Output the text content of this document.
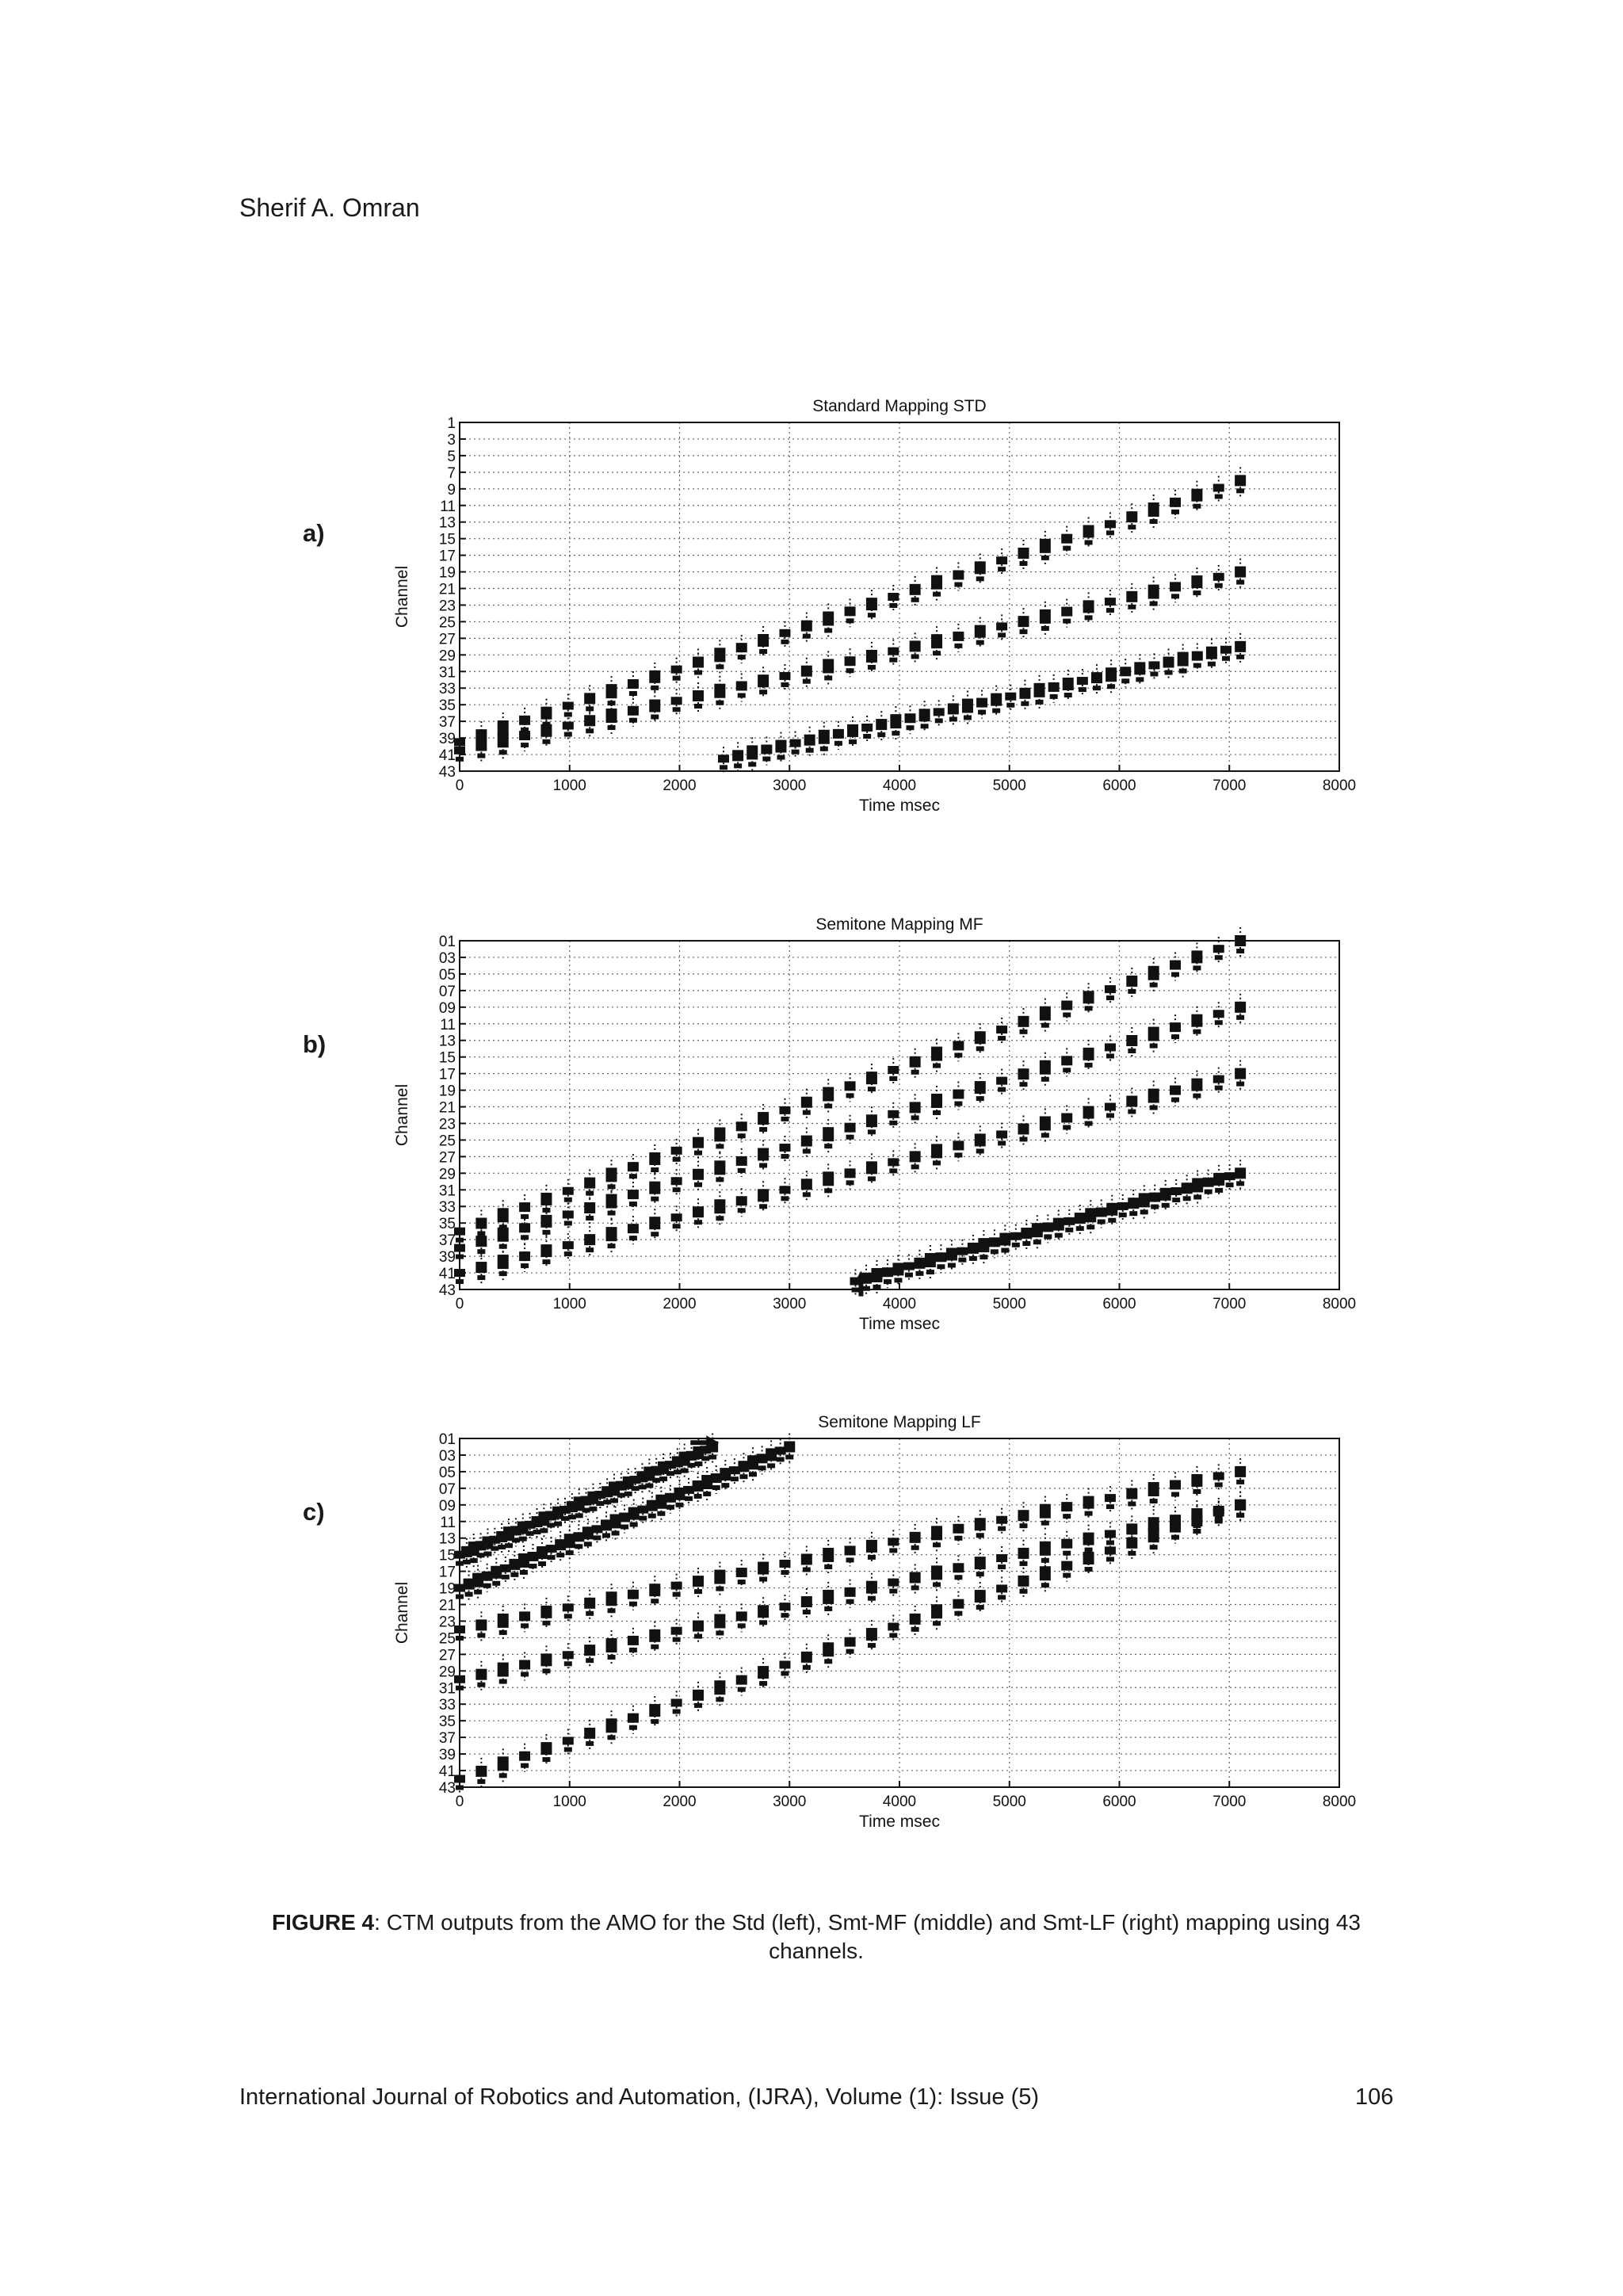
Sherif A. Omran
a)
b)
c)
Standard Mapping STD
0	1000	2000	3000	4000	5000	6000	7000	8000
1
3
5
7
9
11
13
15
17
19
21
23
25
27
29
31
33
35
37
39
41
43
Time msec
Channel
Semitone Mapping MF
0	1000	2000	3000	4000	5000	6000	7000	8000
01
03
05
07
09
11
13
15
17
19
21
23
25
27
29
31
33
35
37
39
41
43
Time msec
Channel
Semitone Mapping LF
0	1000	2000	3000	4000	5000	6000	7000	8000
01
03
05
07
09
11
13
15
17
19
21
23
25
27
29
31
33
35
37
39
41
43
Time msec
Channel
FIGURE 4: CTM outputs from the AMO for the Std (left), Smt-MF (middle) and Smt-LF (right) mapping using 43 channels.
International Journal of Robotics and Automation, (IJRA), Volume (1): Issue (5)	106
